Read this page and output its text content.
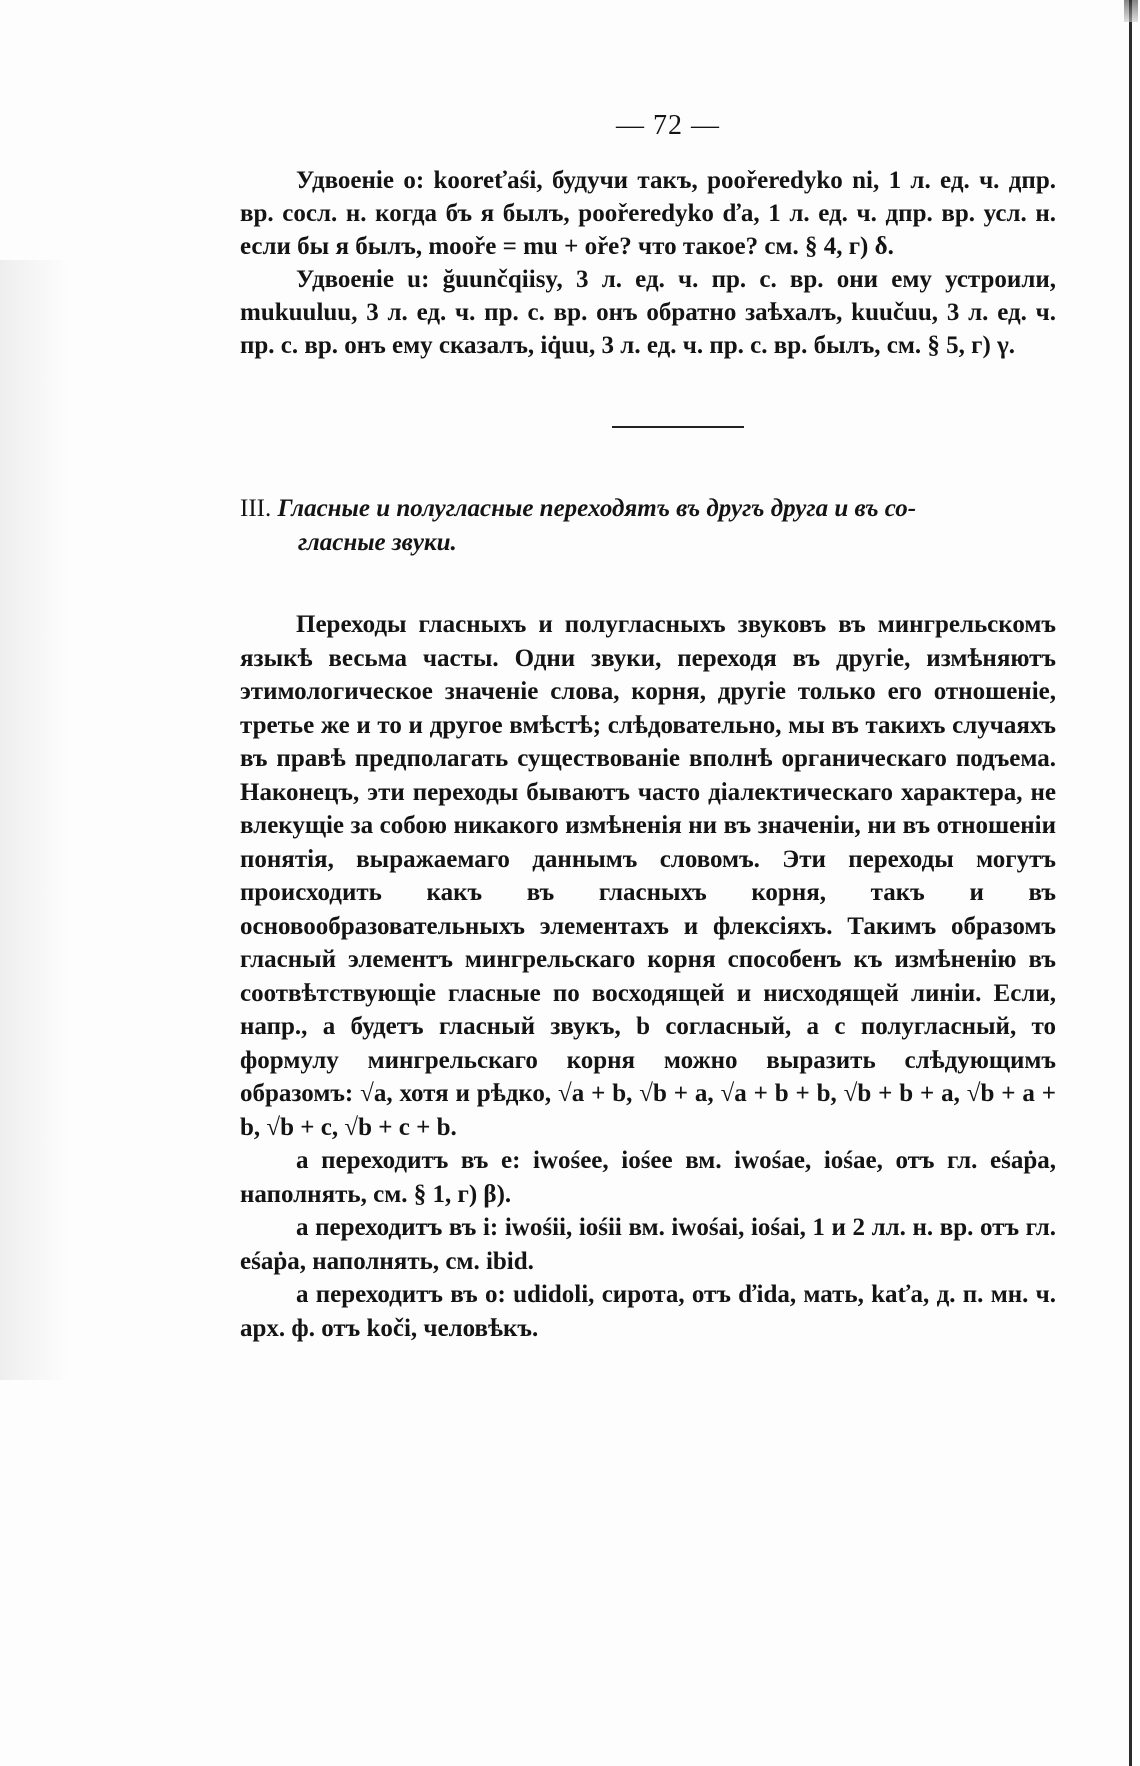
— 72 —

Удвоеніе о: kooreťaśi, будучи такъ, poořeredyko ni, 1 л. ед. ч. дпр. вр. сосл. н. когда бъ я былъ, poořeredyko ďa, 1 л. ед. ч. дпр. вр. усл. н. если бы я былъ, mooře = mu + oře? что такое? см. § 4, г) δ.

Удвоеніе u: ğuunčqiisy, 3 л. ед. ч. пр. с. вр. они ему устроили, mukuuluu, 3 л. ед. ч. пр. с. вр. онъ обратно заѣхалъ, kuučuu, 3 л. ед. ч. пр. с. вр. онъ ему сказалъ, iq̇uu, 3 л. ед. ч. пр. с. вр. былъ, см. § 5, г) γ.

III. Гласные и полугласные переходятъ въ другъ друга и въ со-
гласные звуки.

Переходы гласныхъ и полугласныхъ звуковъ въ мингрельскомъ языкѣ весьма часты. Одни звуки, переходя въ другіе, измѣняютъ этимологическое значеніе слова, корня, другіе только его отношеніе, третье же и то и другое вмѣстѣ; слѣдовательно, мы въ такихъ случаяхъ въ правѣ предполагать существованіе вполнѣ органическаго подъема. Наконецъ, эти переходы бываютъ часто діалектическаго характера, не влекущіе за собою никакого измѣненія ни въ значеніи, ни въ отношеніи понятія, выражаемаго даннымъ словомъ. Эти переходы могутъ происходить какъ въ гласныхъ корня, такъ и въ основообразовательныхъ элементахъ и флексіяхъ. Такимъ образомъ гласный элементъ мингрельскаго корня способенъ къ измѣненію въ соотвѣтствующіе гласные по восходящей и нисходящей линіи. Если, напр., a будетъ гласный звукъ, b согласный, а c полугласный, то формулу мингрельскаго корня можно выразить слѣдующимъ образомъ: √a, хотя и рѣдко, √a + b, √b + a, √a + b + b, √b + b + a, √b + a + b, √b + c, √b + c + b.

a переходитъ въ e: iwośee, iośee вм. iwośae, iośae, отъ гл. eśaṗa, наполнять, см. § 1, г) β).

a переходитъ въ i: iwośii, iośii вм. iwośai, iośai, 1 и 2 лл. н. вр. отъ гл. eśaṗa, наполнять, см. ibid.

a переходитъ въ o: udidoli, сирота, отъ ďida, мать, kaťa, д. п. мн. ч. арх. ф. отъ koči, человѣкъ.
